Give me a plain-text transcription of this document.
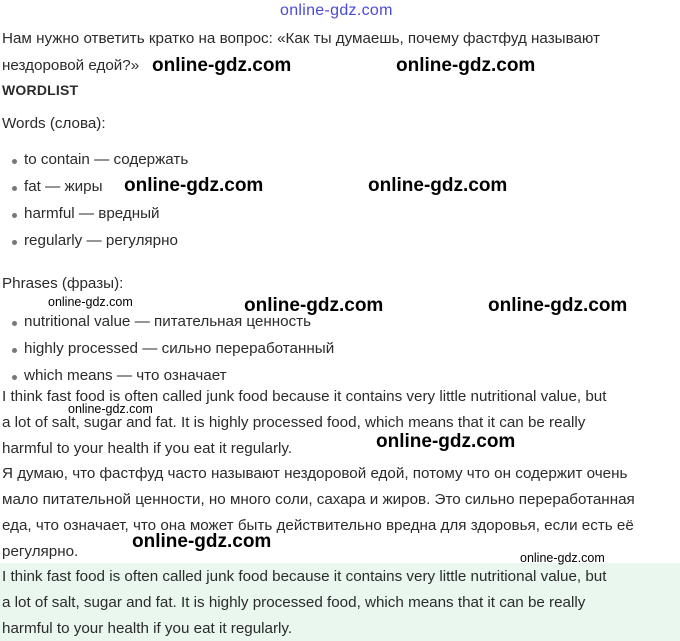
online-gdz.com
Нам нужно ответить кратко на вопрос: «Как ты думаешь, почему фастфуд называют
нездоровой едой?»
WORDLIST
Words (слова):
to contain — содержать
fat — жиры
harmful — вредный
regularly — регулярно
Phrases (фразы):
nutritional value — питательная ценность
highly processed — сильно переработанный
which means — что означает
I think fast food is often called junk food because it contains very little nutritional value, but
a lot of salt, sugar and fat. It is highly processed food, which means that it can be really
harmful to your health if you eat it regularly.
Я думаю, что фастфуд часто называют нездоровой едой, потому что он содержит очень
мало питательной ценности, но много соли, сахара и жиров. Это сильно переработанная
еда, что означает, что она может быть действительно вредна для здоровья, если есть её
регулярно.
I think fast food is often called junk food because it contains very little nutritional value, but
a lot of salt, sugar and fat. It is highly processed food, which means that it can be really
harmful to your health if you eat it regularly.
online-gdz.com	online-gdz.com
online-gdz.com	online-gdz.com
online-gdz.com	online-gdz.com	online-gdz.com
online-gdz.com
online-gdz.com
online-gdz.com
online-gdz.com
